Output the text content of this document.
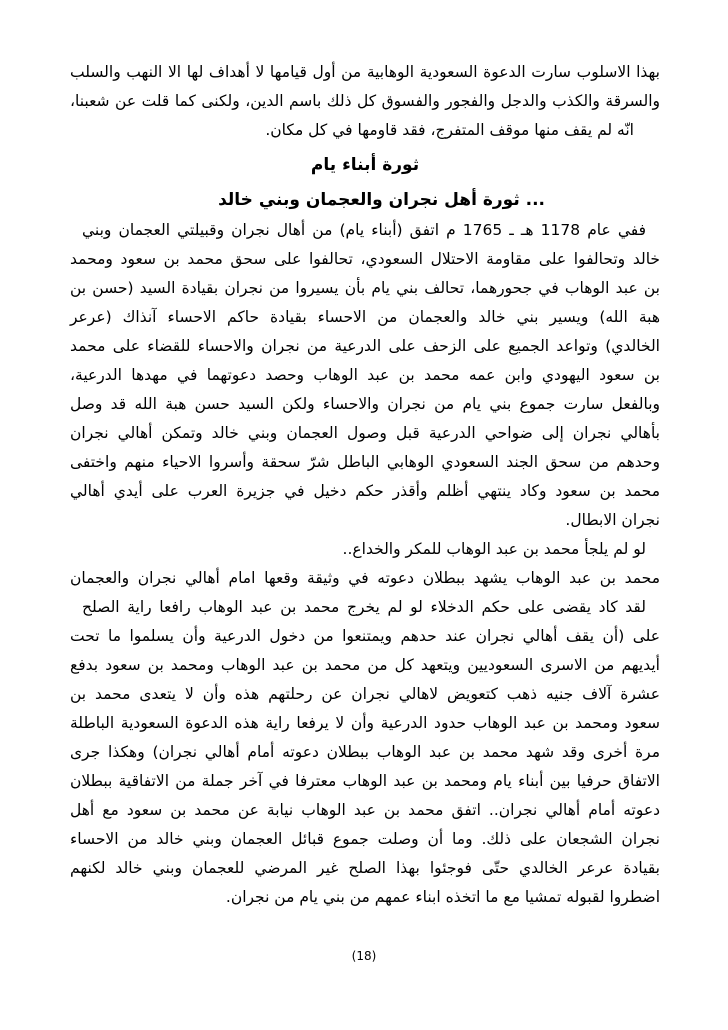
بهذا الاسلوب سارت الدعوة السعودية الوهابية من أول قيامها لا أهداف لها الا النهب والسلب
والسرقة والكذب والدجل والفجور والفسوق كل ذلك باسم الدين، ولكنى كما قلت عن شعبنا،
انّه لم يقف منها موقف المتفرج، فقد قاومها في كل مكان.
ثورة أبناء يام
... ثورة أهل نجران والعجمان وبني خالد
ففي عام 1178 هـ ـ 1765 م اتفق (أبناء يام) من أهال نجران وقبيلتي العجمان وبني
خالد وتحالفوا على مقاومة الاحتلال السعودي، تحالفوا على سحق محمد بن سعود ومحمد
بن عبد الوهاب في جحورهما، تحالف بني يام بأن يسيروا من نجران بقيادة السيد (حسن بن
هبة الله) ويسير بني خالد والعجمان من الاحساء بقيادة حاكم الاحساء آنذاك (عرعر
الخالدي) وتواعد الجميع على الزحف على الدرعية من نجران والاحساء للقضاء على محمد
بن سعود اليهودي وابن عمه محمد بن عبد الوهاب وحصد دعوتهما في مهدها الدرعية،
وبالفعل سارت جموع بني يام من نجران والاحساء ولكن السيد حسن هبة الله قد وصل
بأهالي نجران إلى ضواحي الدرعية قبل وصول العجمان وبني خالد وتمكن أهالي نجران
وحدهم من سحق الجند السعودي الوهابي الباطل شرّ سحقة وأسروا الاحياء منهم واختفى
محمد بن سعود وكاد ينتهي أظلم وأقذر حكم دخيل في جزيرة العرب على أيدي أهالي
نجران الابطال.
لو لم يلجأ محمد بن عبد الوهاب للمكر والخداع..
محمد بن عبد الوهاب يشهد ببطلان دعوته في وثيقة وقعها امام أهالي نجران والعجمان
لقد كاد يقضى على حكم الدخلاء لو لم يخرج محمد بن عبد الوهاب رافعا راية الصلح
على (أن يقف أهالي نجران عند حدهم ويمتنعوا من دخول الدرعية وأن يسلموا ما تحت
أيديهم من الاسرى السعوديين ويتعهد كل من محمد بن عبد الوهاب ومحمد بن سعود بدفع
عشرة آلاف جنيه ذهب كتعويض لاهالي نجران عن رحلتهم هذه وأن لا يتعدى محمد بن
سعود ومحمد بن عبد الوهاب حدود الدرعية وأن لا يرفعا راية هذه الدعوة السعودية الباطلة
مرة أخرى وقد شهد محمد بن عبد الوهاب ببطلان دعوته أمام أهالي نجران) وهكذا جرى
الاتفاق حرفيا بين أبناء يام ومحمد بن عبد الوهاب معترفا في آخر جملة من الاتفاقية ببطلان
دعوته أمام أهالي نجران.. اتفق محمد بن عبد الوهاب نيابة عن محمد بن سعود مع أهل
نجران الشجعان على ذلك. وما أن وصلت جموع قبائل العجمان وبني خالد من الاحساء
بقيادة عرعر الخالدي حتّى فوجئوا بهذا الصلح غير المرضي للعجمان وبني خالد لكنهم
اضطروا لقبوله تمشيا مع ما اتخذه ابناء عمهم من بني يام من نجران.
(18)
